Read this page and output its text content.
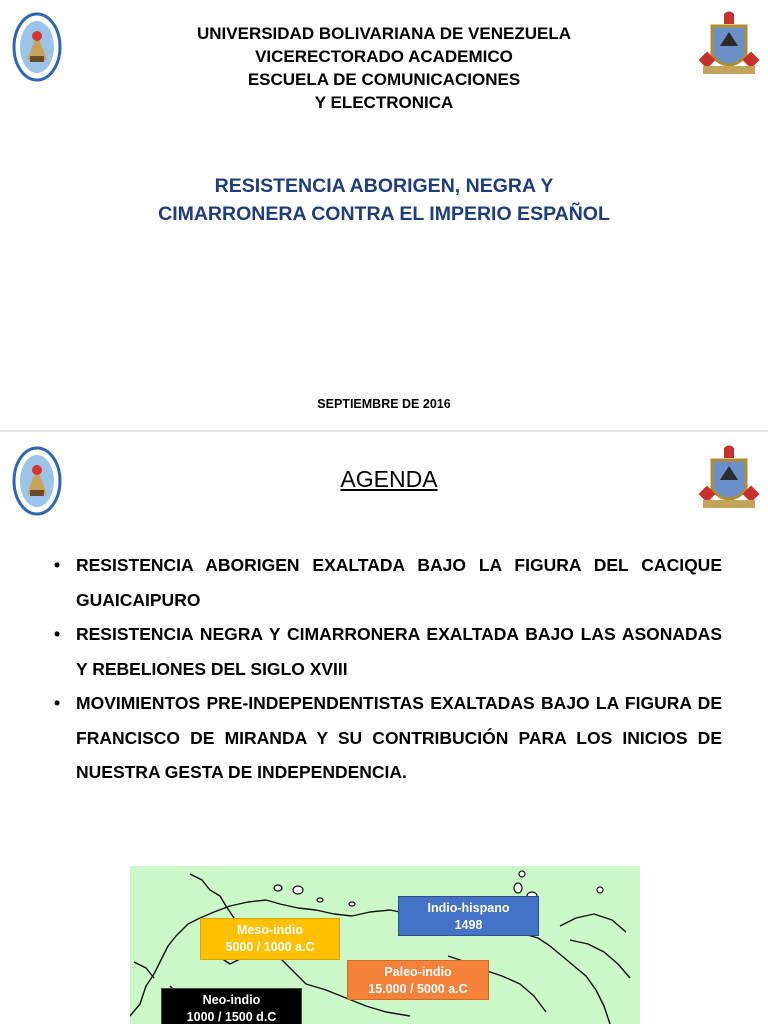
UNIVERSIDAD BOLIVARIANA DE VENEZUELA
VICERECTORADO ACADEMICO
ESCUELA DE COMUNICACIONES
Y ELECTRONICA
RESISTENCIA ABORIGEN, NEGRA Y
CIMARRONERA CONTRA EL IMPERIO ESPAÑOL
SEPTIEMBRE DE 2016
AGENDA
• RESISTENCIA ABORIGEN EXALTADA BAJO LA FIGURA DEL CACIQUE GUAICAIPURO
• RESISTENCIA NEGRA Y CIMARRONERA EXALTADA BAJO LAS ASONADAS Y REBELIONES DEL SIGLO XVIII
• MOVIMIENTOS PRE-INDEPENDENTISTAS EXALTADAS BAJO LA FIGURA DE FRANCISCO DE MIRANDA Y SU CONTRIBUCIÓN PARA LOS INICIOS DE NUESTRA GESTA DE INDEPENDENCIA.
Indio-hispano
1498
Meso-indio
5000 / 1000 a.C
Paleo-indio
15.000 / 5000 a.C
Neo-indio
1000 / 1500 d.C
